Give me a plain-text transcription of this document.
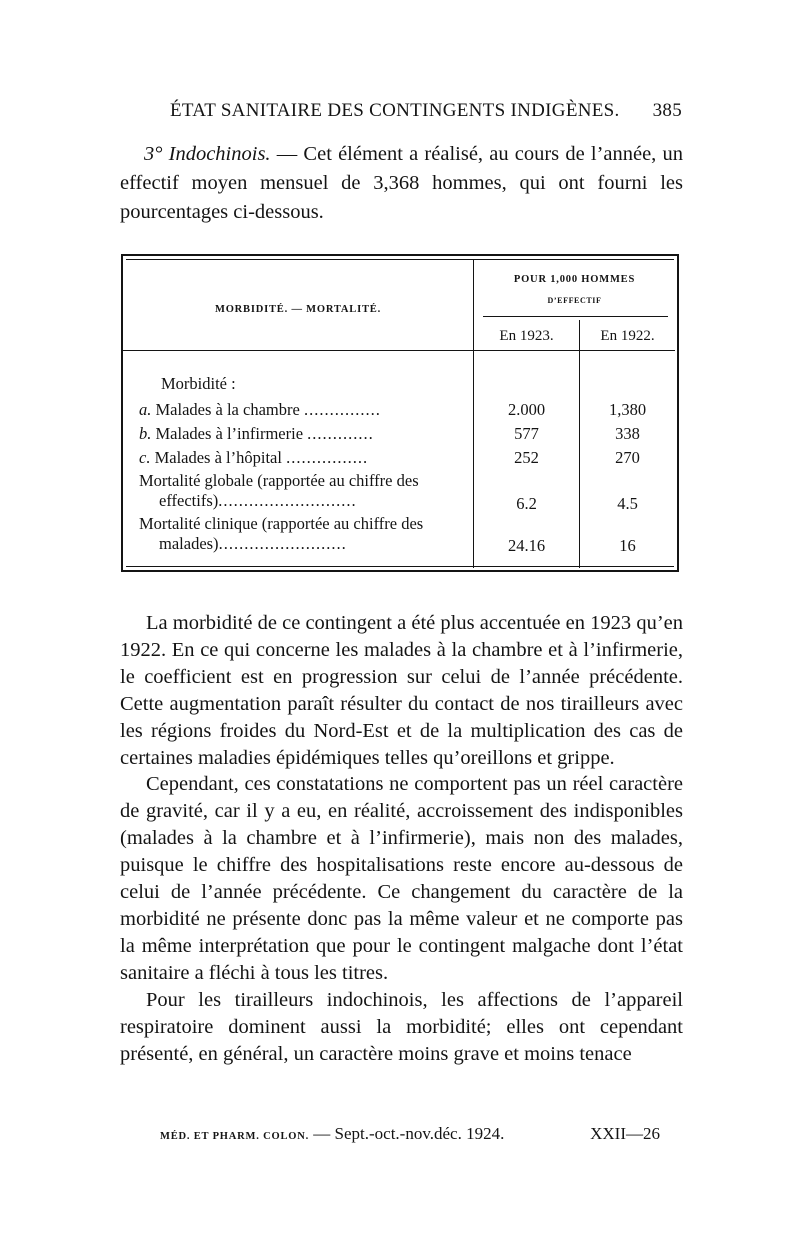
ÉTAT SANITAIRE DES CONTINGENTS INDIGÈNES. 385

3° Indochinois. — Cet élément a réalisé, au cours de l’année, un effectif moyen mensuel de 3,368 hommes, qui ont fourni les pourcentages ci-dessous.

MORBIDITÉ. — MORTALITÉ.
POUR 1,000 HOMMES
D’EFFECTIF
En 1923.	En 1922.
Morbidité :
a. Malades à la chambre ...............	2.000	1,380
b. Malades à l’infirmerie .............	577	338
c. Malades à l’hôpital ................	252	270
Mortalité globale (rapportée au chiffre des
effectifs)...........................	6.2	4.5
Mortalité clinique (rapportée au chiffre des
malades).........................	24.16	16

La morbidité de ce contingent a été plus accentuée en 1923 qu’en 1922. En ce qui concerne les malades à la chambre et à l’infirmerie, le coefficient est en progression sur celui de l’année précédente. Cette augmentation paraît résulter du contact de nos tirailleurs avec les régions froides du Nord-Est et de la multiplication des cas de certaines maladies épidémiques telles qu’oreillons et grippe.

Cependant, ces constatations ne comportent pas un réel caractère de gravité, car il y a eu, en réalité, accroissement des indisponibles (malades à la chambre et à l’infirmerie), mais non des malades, puisque le chiffre des hospitalisations reste encore au-dessous de celui de l’année précédente. Ce changement du caractère de la morbidité ne présente donc pas la même valeur et ne comporte pas la même interprétation que pour le contingent malgache dont l’état sanitaire a fléchi à tous les titres.

Pour les tirailleurs indochinois, les affections de l’appareil respiratoire dominent aussi la morbidité; elles ont cependant présenté, en général, un caractère moins grave et moins tenace

MÉD. ET PHARM. COLON. — Sept.-oct.-nov.déc. 1924.	XXII—26
